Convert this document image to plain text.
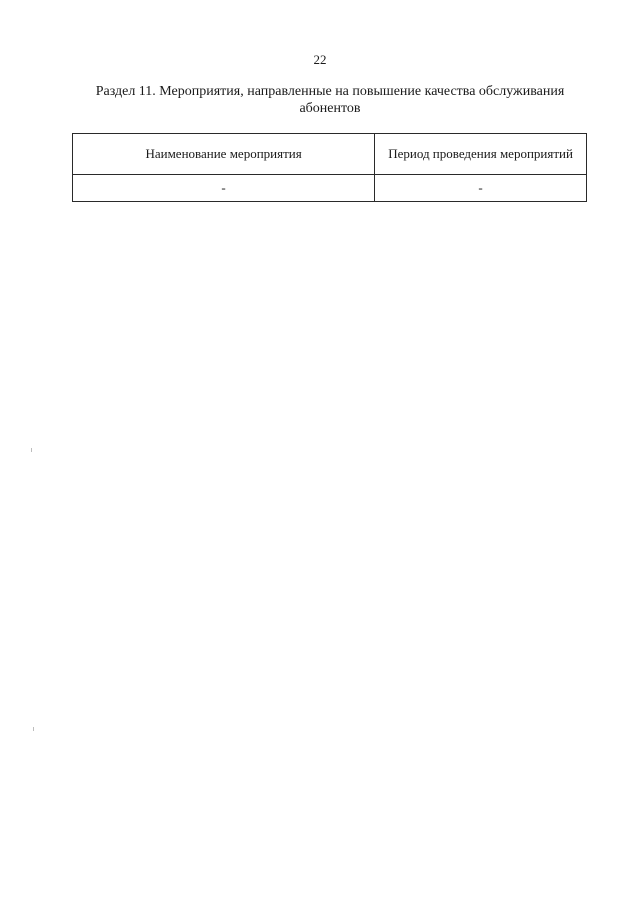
22
Раздел 11. Мероприятия, направленные на повышение качества обслуживания абонентов
Наименование мероприятия	Период проведения мероприятий
-	-
